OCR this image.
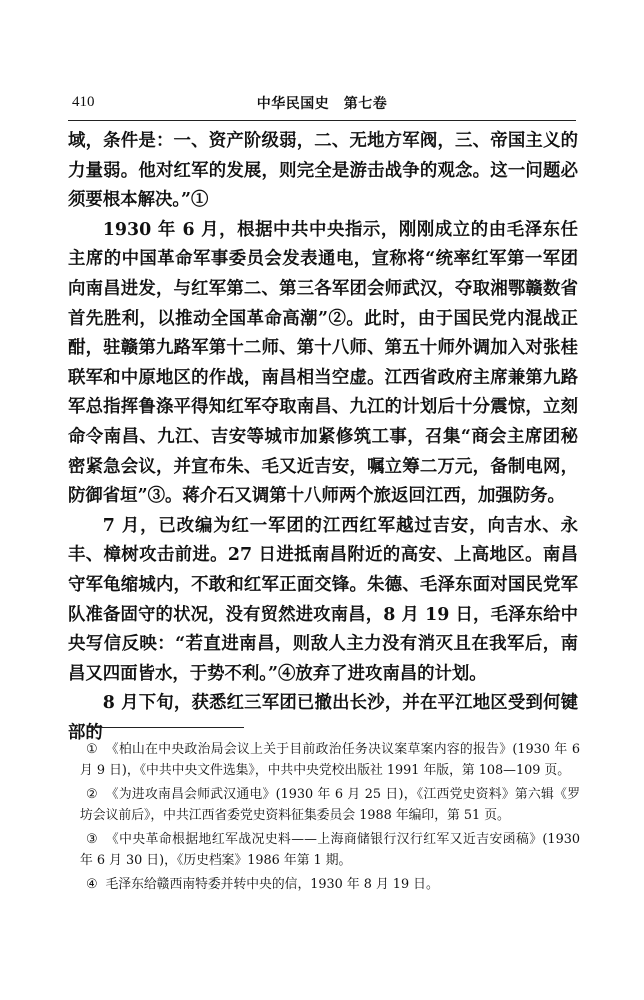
410	中华民国史　第七卷

域，条件是：一、资产阶级弱，二、无地方军阀，三、帝国主义的力量弱。他对红军的发展，则完全是游击战争的观念。这一问题必须要根本解决。”①

1930 年 6 月，根据中共中央指示，刚刚成立的由毛泽东任主席的中国革命军事委员会发表通电，宣称将“统率红军第一军团向南昌进发，与红军第二、第三各军团会师武汉，夺取湘鄂赣数省首先胜利，以推动全国革命高潮”②。此时，由于国民党内混战正酣，驻赣第九路军第十二师、第十八师、第五十师外调加入对张桂联军和中原地区的作战，南昌相当空虚。江西省政府主席兼第九路军总指挥鲁涤平得知红军夺取南昌、九江的计划后十分震惊，立刻命令南昌、九江、吉安等城市加紧修筑工事，召集“商会主席团秘密紧急会议，并宣布朱、毛又近吉安，嘱立筹二万元，备制电网，防御省垣”③。蒋介石又调第十八师两个旅返回江西，加强防务。

7 月，已改编为红一军团的江西红军越过吉安，向吉水、永丰、樟树攻击前进。27 日进抵南昌附近的高安、上高地区。南昌守军龟缩城内，不敢和红军正面交锋。朱德、毛泽东面对国民党军队准备固守的状况，没有贸然进攻南昌，8 月 19 日，毛泽东给中央写信反映：“若直进南昌，则敌人主力没有消灭且在我军后，南昌又四面皆水，于势不利。”④放弃了进攻南昌的计划。

8 月下旬，获悉红三军团已撤出长沙，并在平江地区受到何键部的

① 《柏山在中央政治局会议上关于目前政治任务决议案草案内容的报告》(1930 年 6 月 9 日)，《中共中央文件选集》，中共中央党校出版社 1991 年版，第 108—109 页。

② 《为进攻南昌会师武汉通电》(1930 年 6 月 25 日)，《江西党史资料》第六辑《罗坊会议前后》，中共江西省委党史资料征集委员会 1988 年编印，第 51 页。

③ 《中央革命根据地红军战况史料——上海商储银行汉行红军又近吉安函稿》(1930 年 6 月 30 日)，《历史档案》1986 年第 1 期。

④ 毛泽东给赣西南特委并转中央的信，1930 年 8 月 19 日。
